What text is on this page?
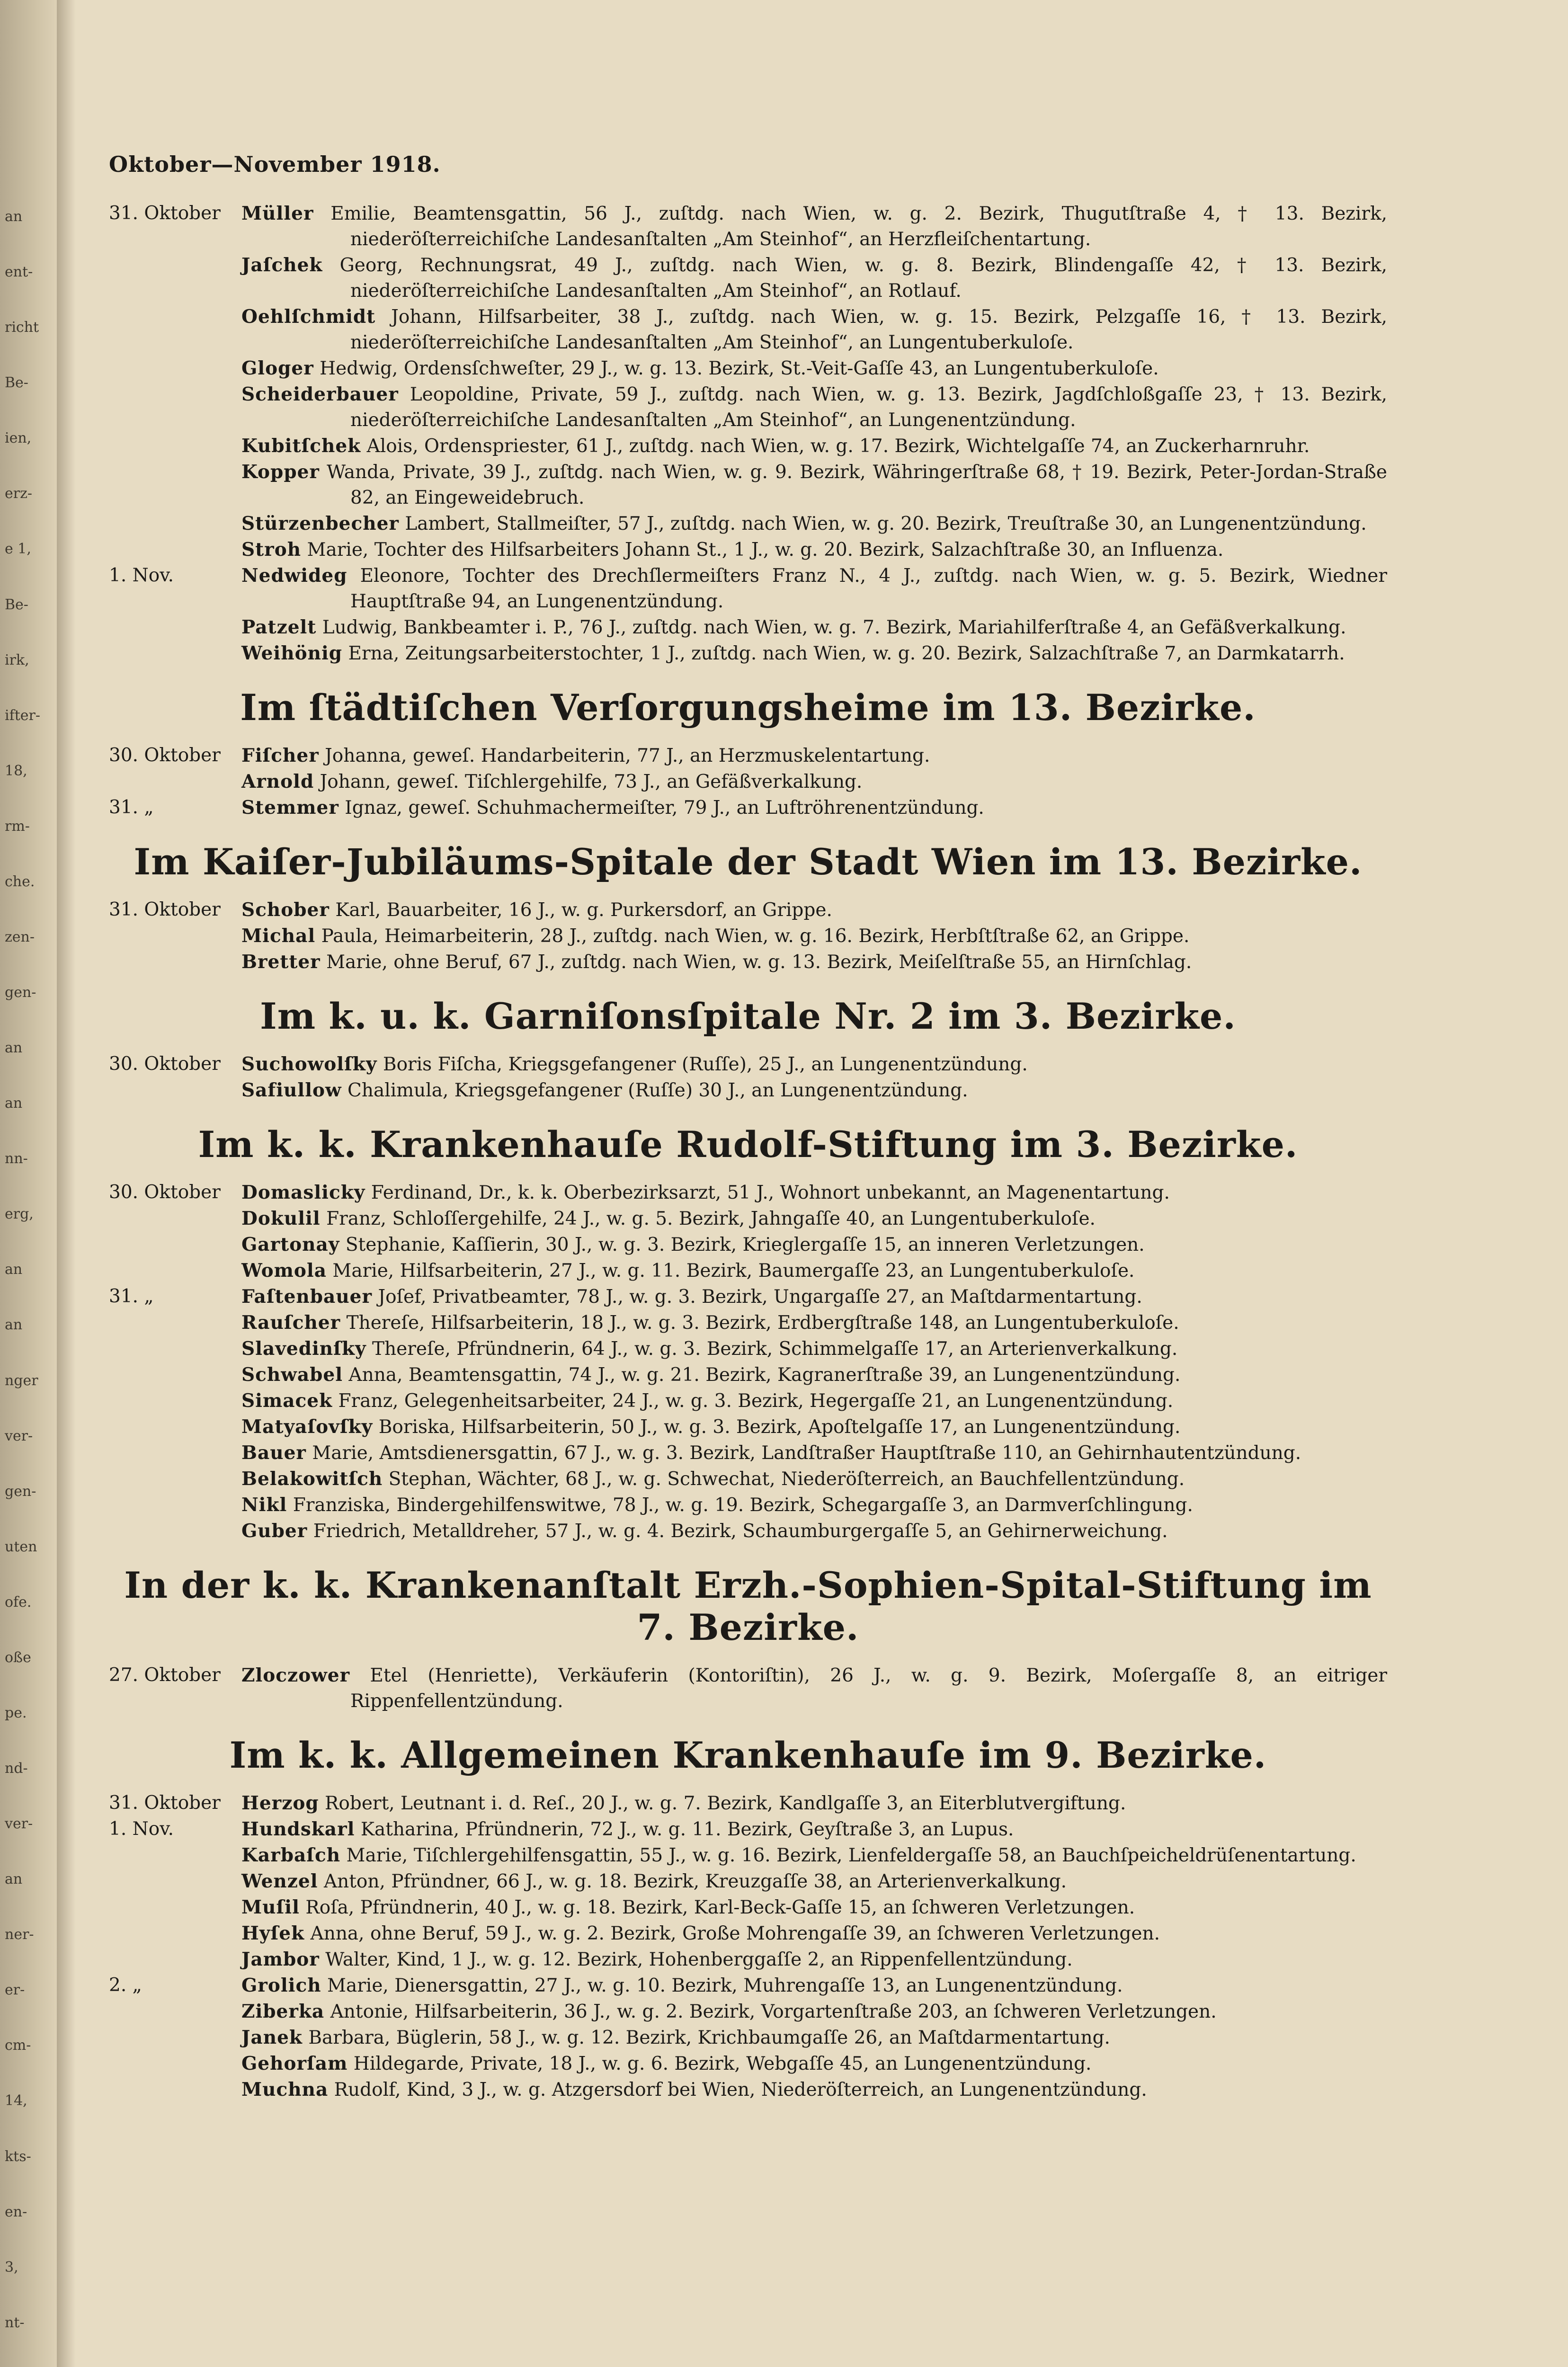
an
ent-
richt
Be-
ien,
erz-
e 1,
Be-
irk,
ifter-
18,
rm-
che.
zen-
gen-
an
an
nn-
erg,
an
an
nger
ver-
gen-
uten
ofe.
oße
pe.
nd-
ver-
an
ner-
er-
cm-
14,
kts-
en-
3,
nt-
Oktober—November 1918.
31. Oktober	Müller Emilie, Beamtensgattin, 56 J., zuſtdg. nach Wien, w. g. 2. Bezirk, Thugutſtraße 4, † 13. Bezirk, niederöſterreichiſche Landesanſtalten „Am Steinhof“, an Herzfleiſchentartung.
Jaſchek Georg, Rechnungsrat, 49 J., zuſtdg. nach Wien, w. g. 8. Bezirk, Blindengaſſe 42, † 13. Bezirk, niederöſterreichiſche Landesanſtalten „Am Steinhof“, an Rotlauf.
Oehlſchmidt Johann, Hilfsarbeiter, 38 J., zuſtdg. nach Wien, w. g. 15. Bezirk, Pelzgaſſe 16, † 13. Bezirk, niederöſterreichiſche Landesanſtalten „Am Steinhof“, an Lungentuberkuloſe.
Gloger Hedwig, Ordensſchweſter, 29 J., w. g. 13. Bezirk, St.-Veit-Gaſſe 43, an Lungentuberkuloſe.
Scheiderbauer Leopoldine, Private, 59 J., zuſtdg. nach Wien, w. g. 13. Bezirk, Jagdſchloßgaſſe 23, † 13. Bezirk, niederöſterreichiſche Landesanſtalten „Am Steinhof“, an Lungenentzündung.
Kubitſchek Alois, Ordenspriester, 61 J., zuſtdg. nach Wien, w. g. 17. Bezirk, Wichtelgaſſe 74, an Zuckerharnruhr.
Kopper Wanda, Private, 39 J., zuſtdg. nach Wien, w. g. 9. Bezirk, Währingerſtraße 68, † 19. Bezirk, Peter-Jordan-Straße 82, an Eingeweidebruch.
Stürzenbecher Lambert, Stallmeiſter, 57 J., zuſtdg. nach Wien, w. g. 20. Bezirk, Treuſtraße 30, an Lungenentzündung.
Stroh Marie, Tochter des Hilfsarbeiters Johann St., 1 J., w. g. 20. Bezirk, Salzachſtraße 30, an Influenza.
1. Nov.	Nedwideg Eleonore, Tochter des Drechſlermeiſters Franz N., 4 J., zuſtdg. nach Wien, w. g. 5. Bezirk, Wiedner Hauptſtraße 94, an Lungenentzündung.
Patzelt Ludwig, Bankbeamter i. P., 76 J., zuſtdg. nach Wien, w. g. 7. Bezirk, Mariahilferſtraße 4, an Gefäßverkalkung.
Weihönig Erna, Zeitungsarbeiterstochter, 1 J., zuſtdg. nach Wien, w. g. 20. Bezirk, Salzachſtraße 7, an Darmkatarrh.
Im ſtädtiſchen Verſorgungsheime im 13. Bezirke.
30. Oktober	Fiſcher Johanna, geweſ. Handarbeiterin, 77 J., an Herzmuskelentartung.
Arnold Johann, geweſ. Tiſchlergehilfe, 73 J., an Gefäßverkalkung.
31. „	Stemmer Ignaz, geweſ. Schuhmachermeiſter, 79 J., an Luftröhrenentzündung.
Im Kaiſer-Jubiläums-Spitale der Stadt Wien im 13. Bezirke.
31. Oktober	Schober Karl, Bauarbeiter, 16 J., w. g. Purkersdorf, an Grippe.
Michal Paula, Heimarbeiterin, 28 J., zuſtdg. nach Wien, w. g. 16. Bezirk, Herbſtſtraße 62, an Grippe.
Bretter Marie, ohne Beruf, 67 J., zuſtdg. nach Wien, w. g. 13. Bezirk, Meiſelſtraße 55, an Hirnſchlag.
Im k. u. k. Garniſonsſpitale Nr. 2 im 3. Bezirke.
30. Oktober	Suchowolſky Boris Fiſcha, Kriegsgefangener (Ruſſe), 25 J., an Lungenentzündung.
Safiullow Chalimula, Kriegsgefangener (Ruſſe) 30 J., an Lungenentzündung.
Im k. k. Krankenhauſe Rudolf-Stiftung im 3. Bezirke.
30. Oktober	Domaslicky Ferdinand, Dr., k. k. Oberbezirksarzt, 51 J., Wohnort unbekannt, an Magenentartung.
Dokulil Franz, Schloſſergehilfe, 24 J., w. g. 5. Bezirk, Jahngaſſe 40, an Lungentuberkuloſe.
Gartonay Stephanie, Kaſſierin, 30 J., w. g. 3. Bezirk, Krieglergaſſe 15, an inneren Verletzungen.
Womola Marie, Hilfsarbeiterin, 27 J., w. g. 11. Bezirk, Baumergaſſe 23, an Lungentuberkuloſe.
31. „	Faſtenbauer Joſef, Privatbeamter, 78 J., w. g. 3. Bezirk, Ungargaſſe 27, an Maſtdarmentartung.
Rauſcher Thereſe, Hilfsarbeiterin, 18 J., w. g. 3. Bezirk, Erdbergſtraße 148, an Lungentuberkuloſe.
Slavedinſky Thereſe, Pfründnerin, 64 J., w. g. 3. Bezirk, Schimmelgaſſe 17, an Arterienverkalkung.
Schwabel Anna, Beamtensgattin, 74 J., w. g. 21. Bezirk, Kagranerſtraße 39, an Lungenentzündung.
Simacek Franz, Gelegenheitsarbeiter, 24 J., w. g. 3. Bezirk, Hegergaſſe 21, an Lungenentzündung.
Matyaſovſky Boriska, Hilfsarbeiterin, 50 J., w. g. 3. Bezirk, Apoſtelgaſſe 17, an Lungenentzündung.
Bauer Marie, Amtsdienersgattin, 67 J., w. g. 3. Bezirk, Landſtraßer Hauptſtraße 110, an Gehirnhautentzündung.
Belakowitſch Stephan, Wächter, 68 J., w. g. Schwechat, Niederöſterreich, an Bauchfellentzündung.
Nikl Franziska, Bindergehilfenswitwe, 78 J., w. g. 19. Bezirk, Schegargaſſe 3, an Darmverſchlingung.
Guber Friedrich, Metalldreher, 57 J., w. g. 4. Bezirk, Schaumburgergaſſe 5, an Gehirnerweichung.
In der k. k. Krankenanſtalt Erzh.-Sophien-Spital-Stiftung im 7. Bezirke.
27. Oktober	Zloczower Etel (Henriette), Verkäuferin (Kontoriſtin), 26 J., w. g. 9. Bezirk, Moſergaſſe 8, an eitriger Rippenfellentzündung.
Im k. k. Allgemeinen Krankenhauſe im 9. Bezirke.
31. Oktober	Herzog Robert, Leutnant i. d. Reſ., 20 J., w. g. 7. Bezirk, Kandlgaſſe 3, an Eiterblutvergiftung.
1. Nov.	Hundskarl Katharina, Pfründnerin, 72 J., w. g. 11. Bezirk, Geyſtraße 3, an Lupus.
Karbaſch Marie, Tiſchlergehilfensgattin, 55 J., w. g. 16. Bezirk, Lienfeldergaſſe 58, an Bauchſpeicheldrüſenentartung.
Wenzel Anton, Pfründner, 66 J., w. g. 18. Bezirk, Kreuzgaſſe 38, an Arterienverkalkung.
Muſil Roſa, Pfründnerin, 40 J., w. g. 18. Bezirk, Karl-Beck-Gaſſe 15, an ſchweren Verletzungen.
Hyſek Anna, ohne Beruf, 59 J., w. g. 2. Bezirk, Große Mohrengaſſe 39, an ſchweren Verletzungen.
Jambor Walter, Kind, 1 J., w. g. 12. Bezirk, Hohenberggaſſe 2, an Rippenfellentzündung.
2. „	Grolich Marie, Dienersgattin, 27 J., w. g. 10. Bezirk, Muhrengaſſe 13, an Lungenentzündung.
Ziberka Antonie, Hilfsarbeiterin, 36 J., w. g. 2. Bezirk, Vorgartenſtraße 203, an ſchweren Verletzungen.
Janek Barbara, Büglerin, 58 J., w. g. 12. Bezirk, Krichbaumgaſſe 26, an Maſtdarmentartung.
Gehorſam Hildegarde, Private, 18 J., w. g. 6. Bezirk, Webgaſſe 45, an Lungenentzündung.
Muchna Rudolf, Kind, 3 J., w. g. Atzgersdorf bei Wien, Niederöſterreich, an Lungenentzündung.
